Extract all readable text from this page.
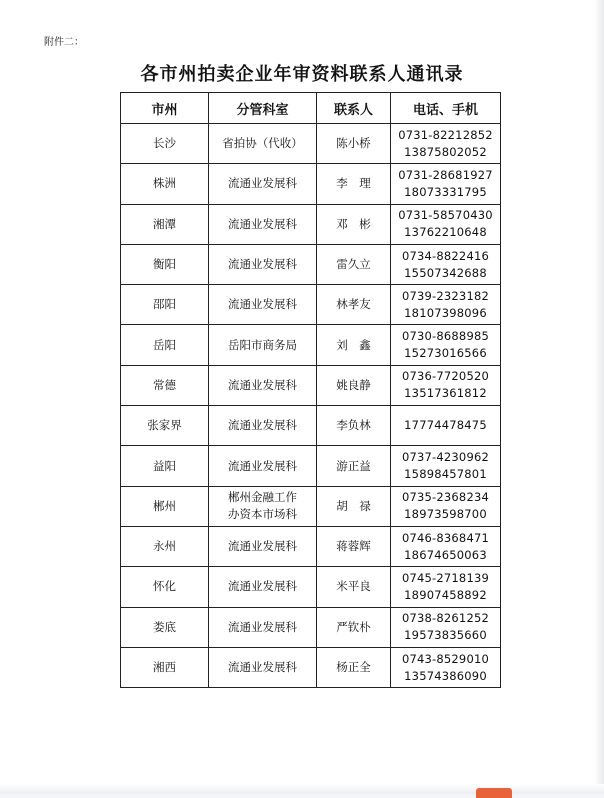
附件二：
各市州拍卖企业年审资料联系人通讯录
市州	分管科室	联系人	电话、手机
长沙	省拍协（代收）	陈小桥	0731-82212852
13875802052

株洲	流通业发展科	李　理	0731-28681927
18073331795

湘潭	流通业发展科	邓　彬	0731-58570430
13762210648

衡阳	流通业发展科	雷久立	0734-8822416
15507342688

邵阳	流通业发展科	林孝友	0739-2323182
18107398096

岳阳	岳阳市商务局	刘　鑫	0730-8688985
15273016566

常德	流通业发展科	姚良静	0736-7720520
13517361812

张家界	流通业发展科	李负林	17774478475

益阳	流通业发展科	游正益	0737-4230962
15898457801

郴州	郴州金融工作
办资本市场科	胡　禄	0735-2368234
18973598700

永州	流通业发展科	蒋蓉辉	0746-8368471
18674650063

怀化	流通业发展科	米平良	0745-2718139
18907458892

娄底	流通业发展科	严钦朴	0738-8261252
19573835660

湘西	流通业发展科	杨正全	0743-8529010
13574386090
